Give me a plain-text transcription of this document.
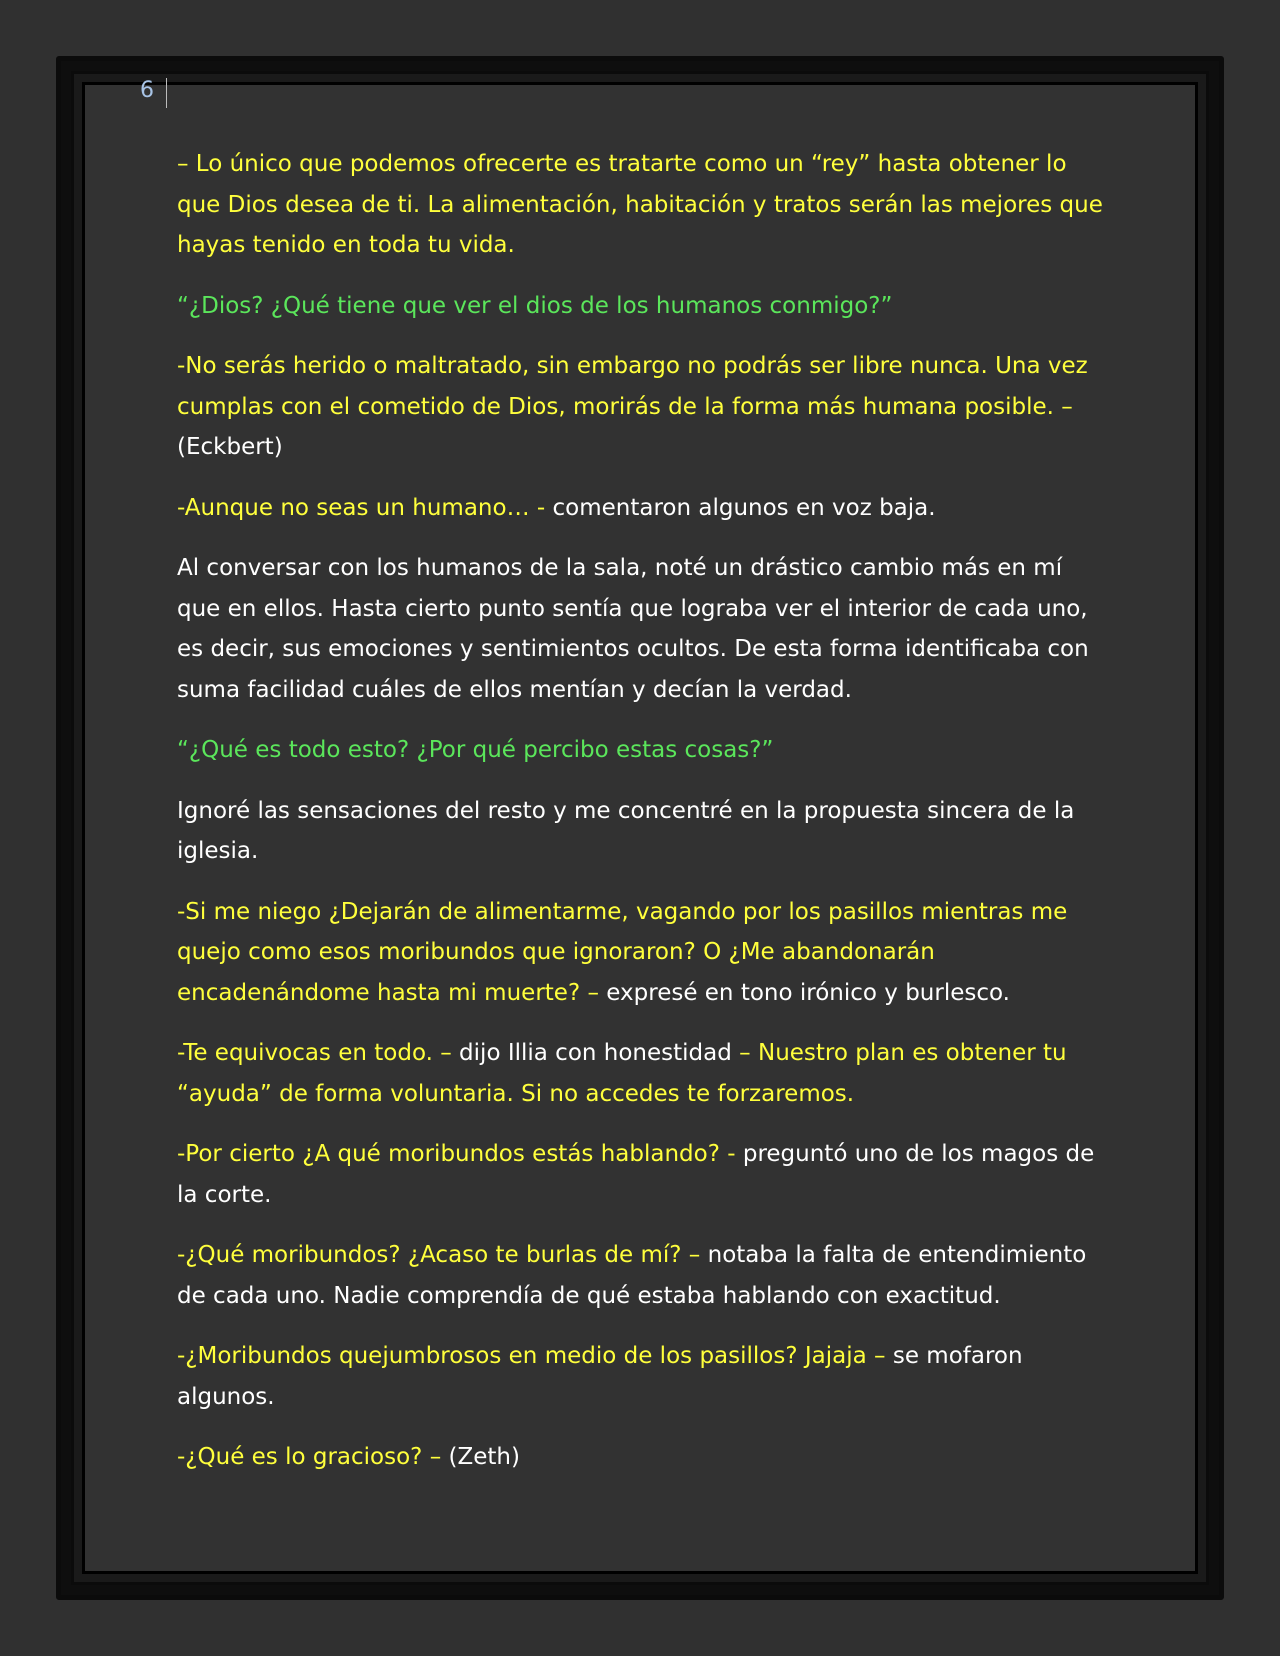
6

– Lo único que podemos ofrecerte es tratarte como un “rey” hasta obtener lo que Dios desea de ti. La alimentación, habitación y tratos serán las mejores que hayas tenido en toda tu vida.

“¿Dios? ¿Qué tiene que ver el dios de los humanos conmigo?”

-No serás herido o maltratado, sin embargo no podrás ser libre nunca. Una vez cumplas con el cometido de Dios, morirás de la forma más humana posible. – (Eckbert)

-Aunque no seas un humano… - comentaron algunos en voz baja.

Al conversar con los humanos de la sala, noté un drástico cambio más en mí que en ellos. Hasta cierto punto sentía que lograba ver el interior de cada uno, es decir, sus emociones y sentimientos ocultos. De esta forma identificaba con suma facilidad cuáles de ellos mentían y decían la verdad.

“¿Qué es todo esto? ¿Por qué percibo estas cosas?”

Ignoré las sensaciones del resto y me concentré en la propuesta sincera de la iglesia.

-Si me niego ¿Dejarán de alimentarme, vagando por los pasillos mientras me quejo como esos moribundos que ignoraron? O ¿Me abandonarán encadenándome hasta mi muerte? – expresé en tono irónico y burlesco.

-Te equivocas en todo. – dijo Illia con honestidad – Nuestro plan es obtener tu “ayuda” de forma voluntaria. Si no accedes te forzaremos.

-Por cierto ¿A qué moribundos estás hablando? - preguntó uno de los magos de la corte.

-¿Qué moribundos? ¿Acaso te burlas de mí? – notaba la falta de entendimiento de cada uno. Nadie comprendía de qué estaba hablando con exactitud.

-¿Moribundos quejumbrosos en medio de los pasillos? Jajaja – se mofaron algunos.

-¿Qué es lo gracioso? – (Zeth)
